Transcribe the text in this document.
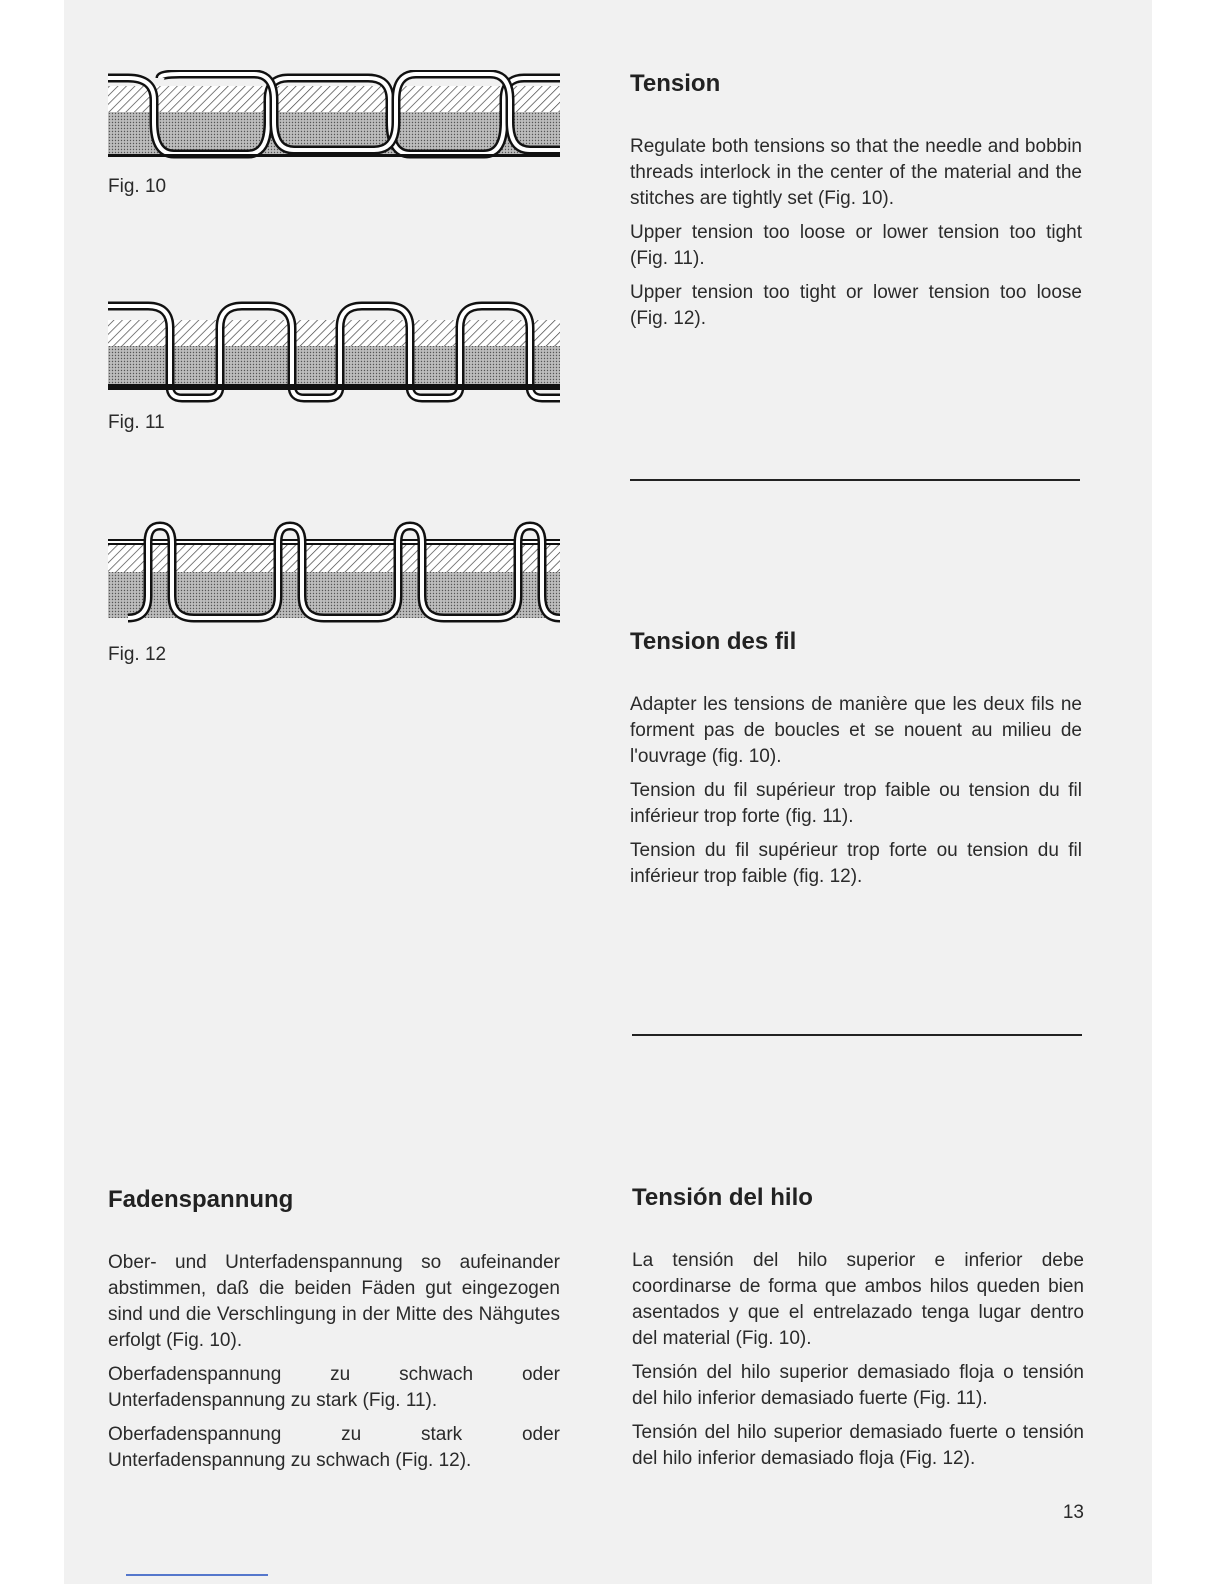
Fig. 10
Fig. 11
Fig. 12
Tension

Regulate both tensions so that the needle and bobbin threads interlock in the center of the material and the stitches are tightly set (Fig. 10).

Upper tension too loose or lower tension too tight (Fig. 11).

Upper tension too tight or lower tension too loose (Fig. 12).

Tension des fil

Adapter les tensions de manière que les deux fils ne forment pas de boucles et se nouent au milieu de l'ouvrage (fig. 10).

Tension du fil supérieur trop faible ou tension du fil inférieur trop forte (fig. 11).

Tension du fil supérieur trop forte ou tension du fil inférieur trop faible (fig. 12).

Fadenspannung

Ober- und Unterfadenspannung so aufeinander abstimmen, daß die beiden Fäden gut eingezogen sind und die Verschlingung in der Mitte des Nähgutes erfolgt (Fig. 10).

Oberfadenspannung zu schwach oder Unterfadenspannung zu stark (Fig. 11).

Oberfadenspannung zu stark oder Unterfadenspannung zu schwach (Fig. 12).

Tensión del hilo

La tensión del hilo superior e inferior debe coordinarse de forma que ambos hilos queden bien asentados y que el entrelazado tenga lugar dentro del material (Fig. 10).

Tensión del hilo superior demasiado floja o tensión del hilo inferior demasiado fuerte (Fig. 11).

Tensión del hilo superior demasiado fuerte o tensión del hilo inferior demasiado floja (Fig. 12).

13
